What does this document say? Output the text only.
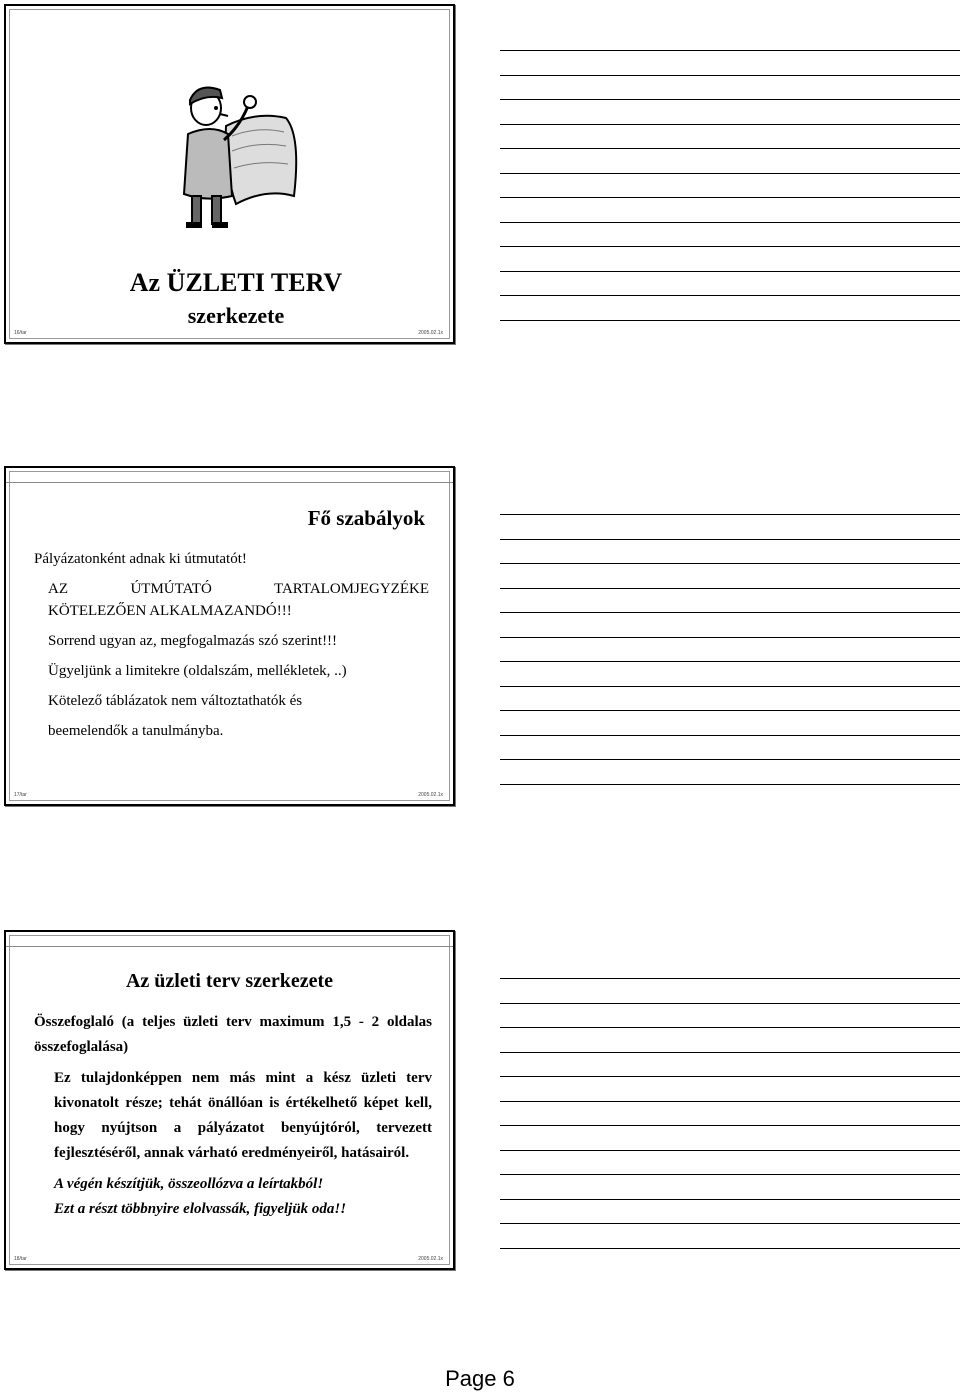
Az ÜZLETI TERV
szerkezete
16/tar	2005.02.1x
Fő szabályok

Pályázatonként adnak ki útmutatót!

AZ ÚTMÚTATÓ TARTALOMJEGYZÉKE

KÖTELEZŐEN ALKALMAZANDÓ!!!

Sorrend ugyan az, megfogalmazás szó szerint!!!

Ügyeljünk a limitekre (oldalszám, mellékletek, ..)

Kötelező táblázatok nem változtathatók és

beemelendők a tanulmányba.

17/tar	2005.02.1x
Az üzleti terv szerkezete

Összefoglaló (a teljes üzleti terv maximum 1,5 - 2 oldalas összefoglalása)

Ez tulajdonképpen nem más mint a kész üzleti terv kivonatolt része; tehát önállóan is értékelhető képet kell, hogy nyújtson a pályázatot benyújtóról, tervezett fejlesztéséről, annak várható eredményeiről, hatásairól.

A végén készítjük, összeollózva a leírtakból!

Ezt a részt többnyire elolvassák, figyeljük oda!!

18/tar	2005.02.1x
Page 6
